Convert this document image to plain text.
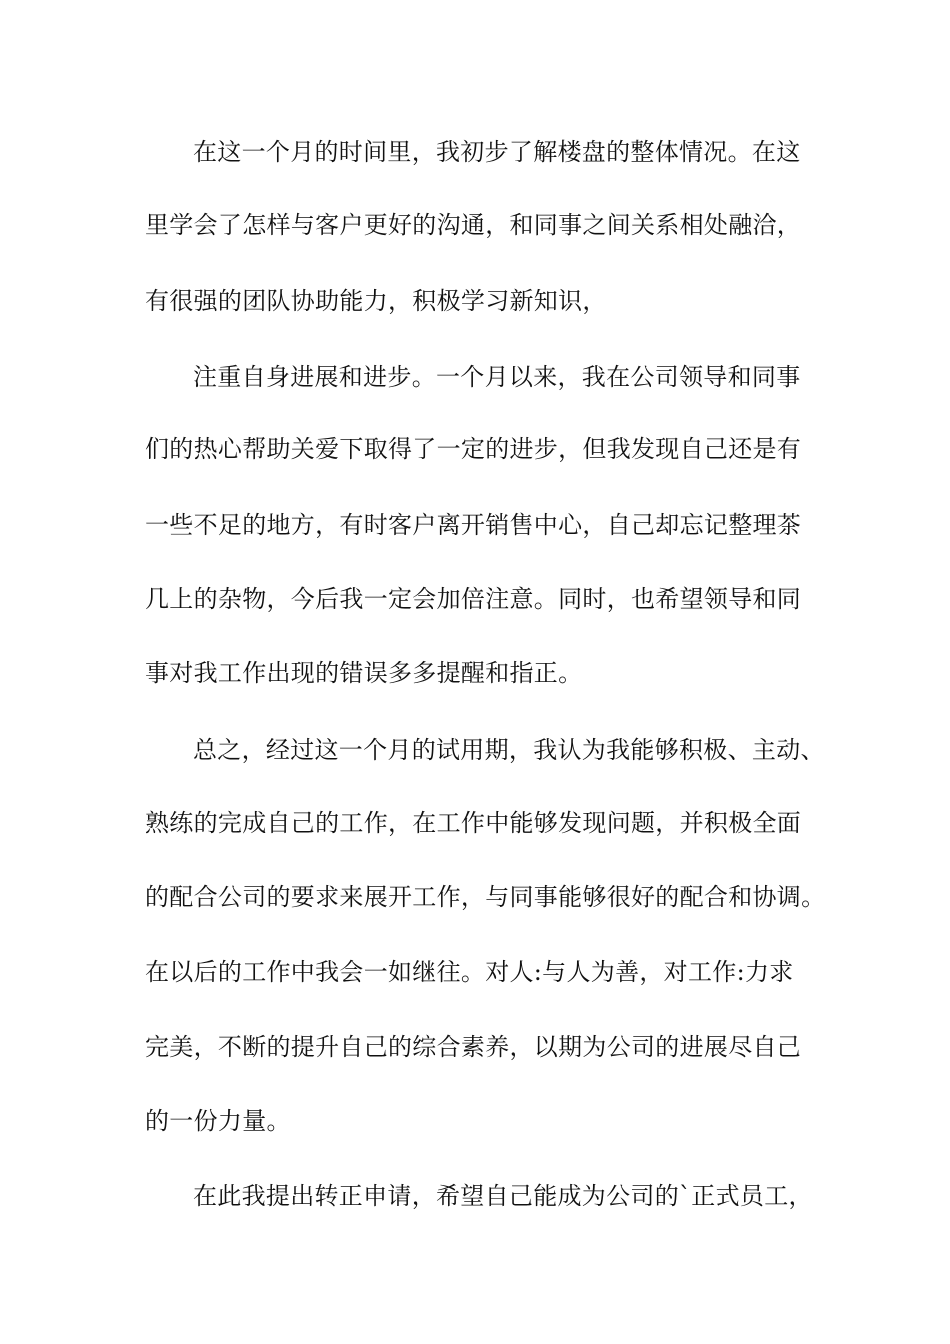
在这一个月的时间里，我初步了解楼盘的整体情况。在这
里学会了怎样与客户更好的沟通，和同事之间关系相处融洽，
有很强的团队协助能力，积极学习新知识，
注重自身进展和进步。一个月以来，我在公司领导和同事
们的热心帮助关爱下取得了一定的进步，但我发现自己还是有
一些不足的地方，有时客户离开销售中心，自己却忘记整理茶
几上的杂物，今后我一定会加倍注意。同时，也希望领导和同
事对我工作出现的错误多多提醒和指正。
总之，经过这一个月的试用期，我认为我能够积极、主动、
熟练的完成自己的工作，在工作中能够发现问题，并积极全面
的配合公司的要求来展开工作，与同事能够很好的配合和协调。
在以后的工作中我会一如继往。对人:与人为善，对工作:力求
完美，不断的提升自己的综合素养，以期为公司的进展尽自己
的一份力量。
在此我提出转正申请，希望自己能成为公司的`正式员工，
